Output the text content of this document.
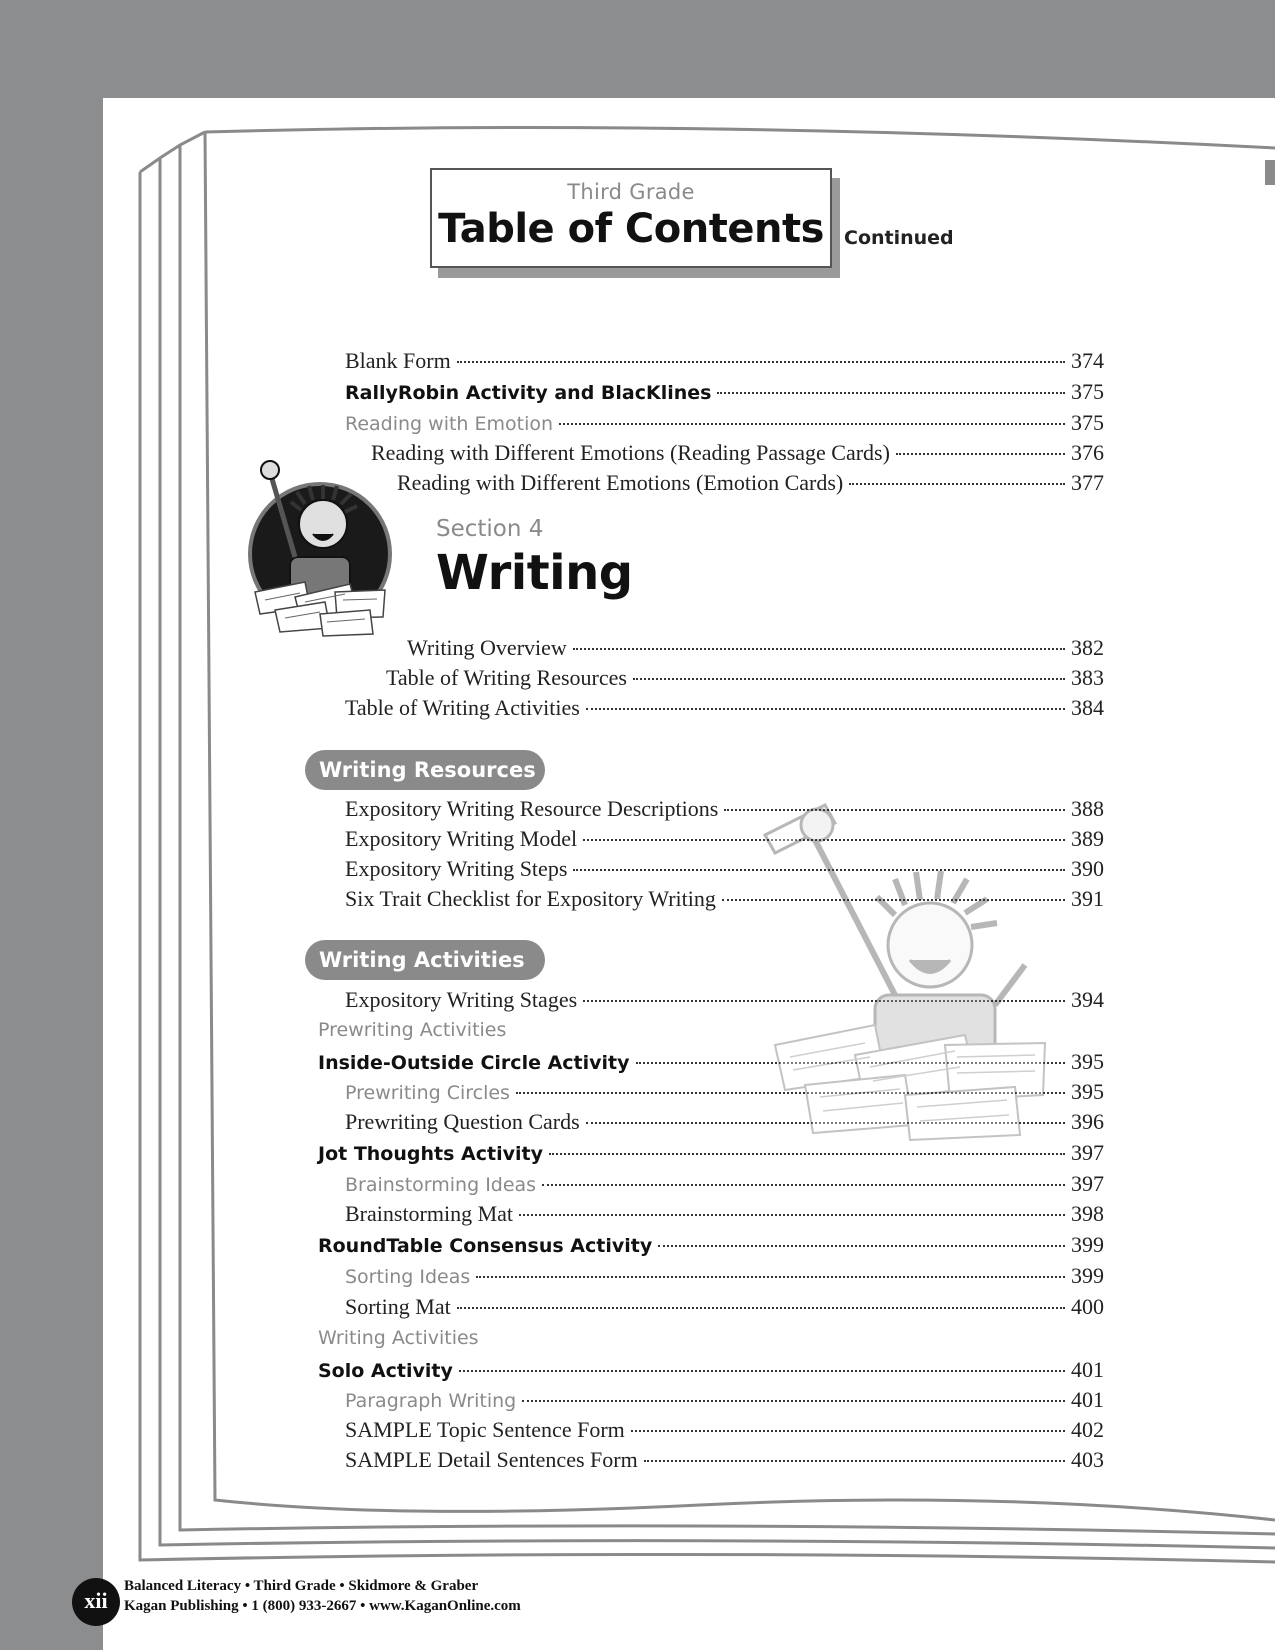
Third Grade
Table of Contents	Continued
Blank Form	374
RallyRobin Activity and BlacKlines	375
Reading with Emotion	375
Reading with Different Emotions (Reading Passage Cards)	376
Reading with Different Emotions (Emotion Cards)	377
Section 4
Writing
Writing Overview	382
Table of Writing Resources	383
Table of Writing Activities	384
Writing Resources
Expository Writing Resource Descriptions	388
Expository Writing Model	389
Expository Writing Steps	390
Six Trait Checklist for Expository Writing	391
Writing Activities
Expository Writing Stages	394
Prewriting Activities
Inside-Outside Circle Activity	395
Prewriting Circles	395
Prewriting Question Cards	396
Jot Thoughts Activity	397
Brainstorming Ideas	397
Brainstorming Mat	398
RoundTable Consensus Activity	399
Sorting Ideas	399
Sorting Mat	400
Writing Activities
Solo Activity	401
Paragraph Writing	401
SAMPLE Topic Sentence Form	402
SAMPLE Detail Sentences Form	403
xii
Balanced Literacy • Third Grade • Skidmore & Graber
Kagan Publishing • 1 (800) 933-2667 • www.KaganOnline.com
